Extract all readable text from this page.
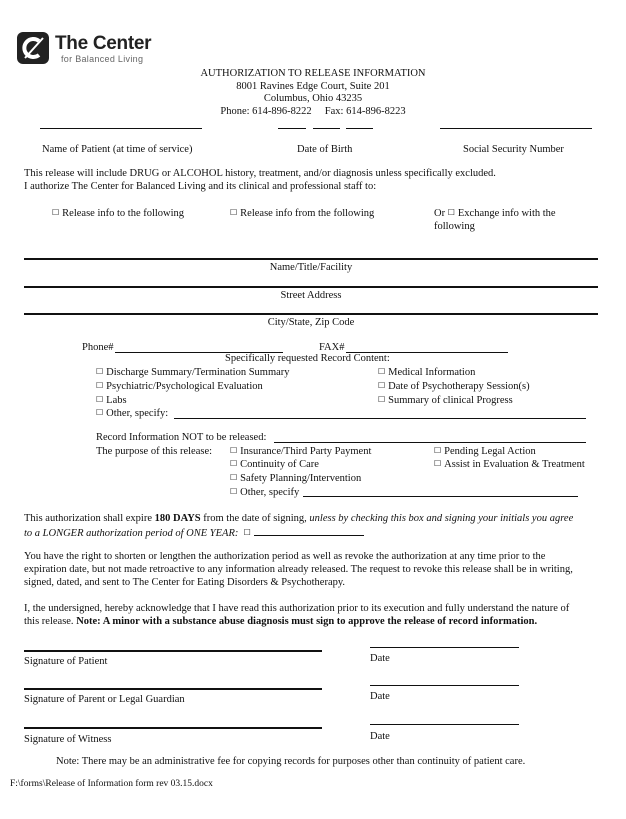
The Center
for Balanced Living
AUTHORIZATION TO RELEASE INFORMATION
8001 Ravines Edge Court, Suite 201
Columbus, Ohio 43235
Phone: 614-896-8222     Fax: 614-896-8223
Name of Patient (at time of service)	Date of Birth	Social Security Number
This release will include DRUG or ALCOHOL history, treatment, and/or diagnosis unless specifically excluded.
I authorize The Center for Balanced Living and its clinical and professional staff to:
☐ Release info to the following	☐ Release info from the following	Or ☐ Exchange info with the
following
Name/Title/Facility
Street Address
City/State, Zip Code
Phone#	FAX#
Specifically requested Record Content:
☐ Discharge Summary/Termination Summary
☐ Psychiatric/Psychological Evaluation
☐ Labs
☐ Other, specify:
☐ Medical Information
☐ Date of Psychotherapy Session(s)
☐ Summary of clinical Progress
Record Information NOT to be released:
The purpose of this release: ☐ Insurance/Third Party Payment
☐ Continuity of Care
☐ Safety Planning/Intervention
☐ Other, specify
☐ Pending Legal Action
☐ Assist in Evaluation & Treatment
This authorization shall expire 180 DAYS from the date of signing, unless by checking this box and signing your initials you agree
to a LONGER authorization period of ONE YEAR: ☐
You have the right to shorten or lengthen the authorization period as well as revoke the authorization at any time prior to the
expiration date, but not made retroactive to any information already released. The request to revoke this release shall be in writing,
signed, dated, and sent to The Center for Eating Disorders & Psychotherapy.
I, the undersigned, hereby acknowledge that I have read this authorization prior to its execution and fully understand the nature of
this release. Note: A minor with a substance abuse diagnosis must sign to approve the release of record information.
Signature of Patient	Date
Signature of Parent or Legal Guardian	Date
Signature of Witness	Date
Note: There may be an administrative fee for copying records for purposes other than continuity of patient care.
F:\forms\Release of Information form rev 03.15.docx
